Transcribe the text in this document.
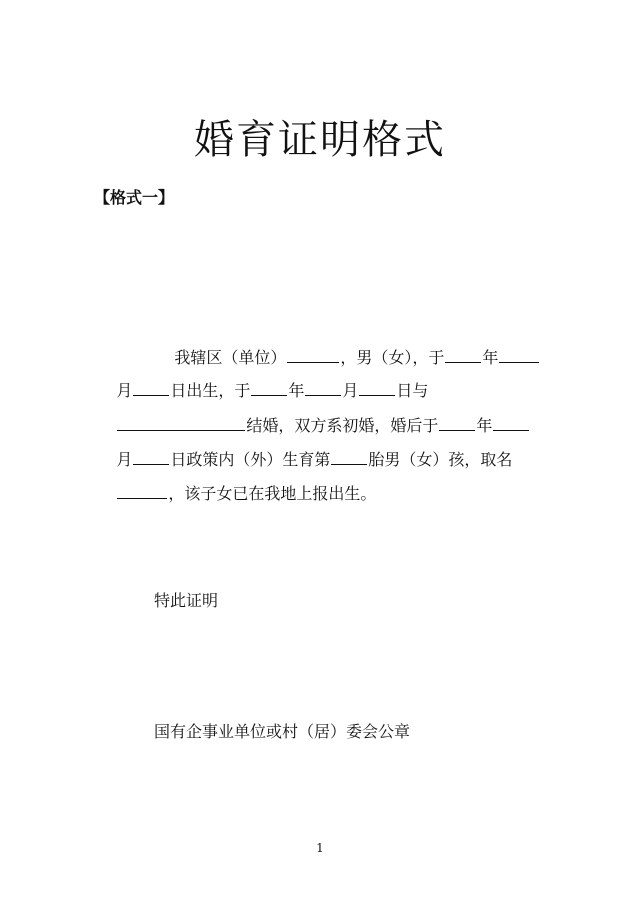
婚育证明格式
【格式一】

我辖区（单位）	，男（女），于 年

月 日出生，于 年 月 日与

结婚，双方系初婚，婚后于 年

月 日政策内（外）生育第 胎男（女）孩，取名

，该子女已在我地上报出生。

特此证明
国有企事业单位或村（居）委会公章
1
